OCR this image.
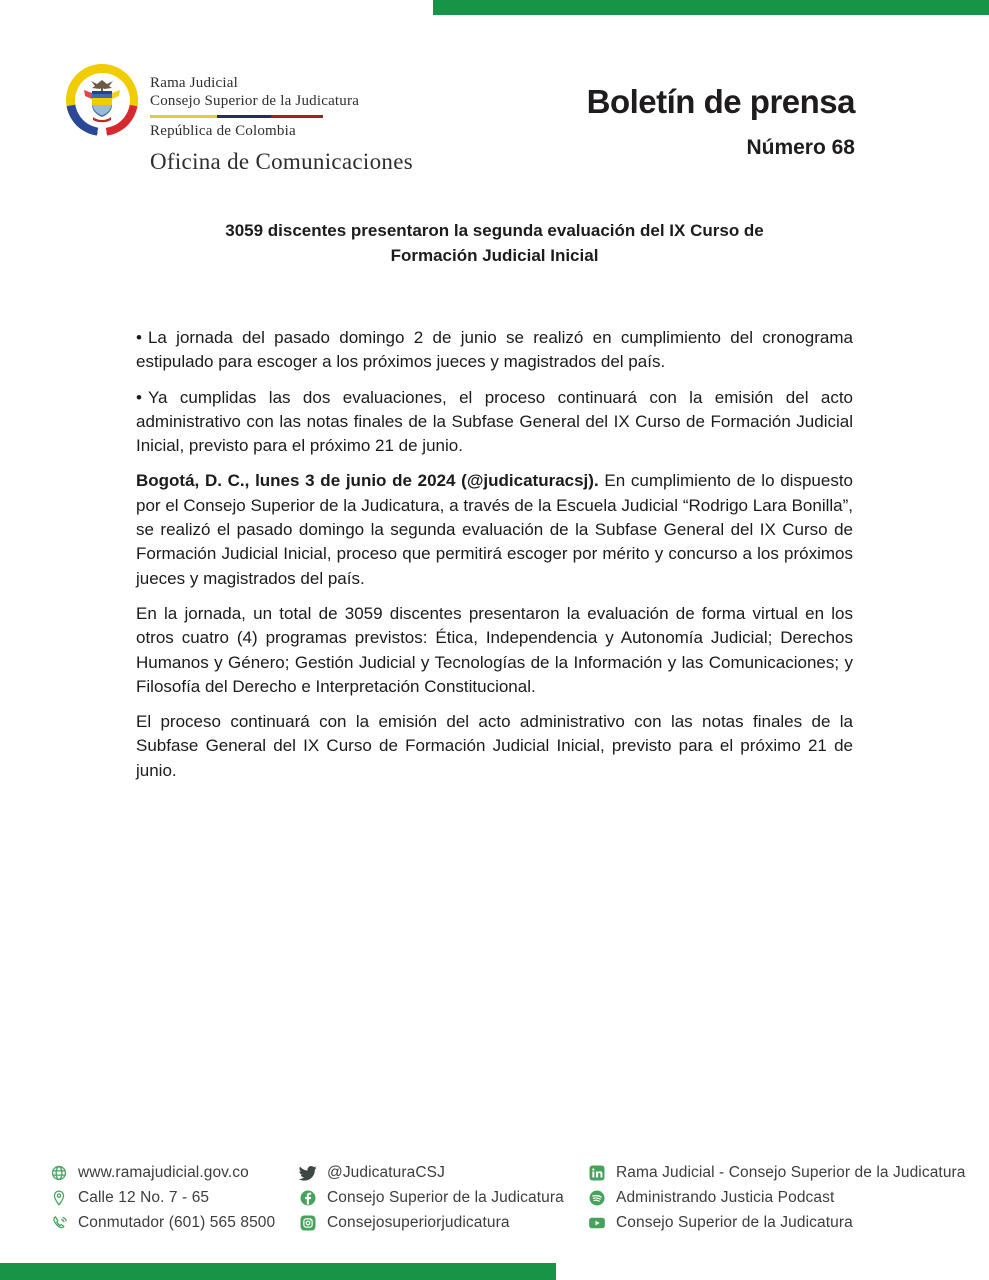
Rama Judicial
Consejo Superior de la Judicatura
República de Colombia
Oficina de Comunicaciones
Boletín de prensa
Número 68
3059 discentes presentaron la segunda evaluación del IX Curso de Formación Judicial Inicial

• La jornada del pasado domingo 2 de junio se realizó en cumplimiento del cronograma estipulado para escoger a los próximos jueces y magistrados del país.

• Ya cumplidas las dos evaluaciones, el proceso continuará con la emisión del acto administrativo con las notas finales de la Subfase General del IX Curso de Formación Judicial Inicial, previsto para el próximo 21 de junio.

Bogotá, D. C., lunes 3 de junio de 2024 (@judicaturacsj). En cumplimiento de lo dispuesto por el Consejo Superior de la Judicatura, a través de la Escuela Judicial “Rodrigo Lara Bonilla”, se realizó el pasado domingo la segunda evaluación de la Subfase General del IX Curso de Formación Judicial Inicial, proceso que permitirá escoger por mérito y concurso a los próximos jueces y magistrados del país.

En la jornada, un total de 3059 discentes presentaron la evaluación de forma virtual en los otros cuatro (4) programas previstos: Ética, Independencia y Autonomía Judicial; Derechos Humanos y Género; Gestión Judicial y Tecnologías de la Información y las Comunicaciones; y Filosofía del Derecho e Interpretación Constitucional.

El proceso continuará con la emisión del acto administrativo con las notas finales de la Subfase General del IX Curso de Formación Judicial Inicial, previsto para el próximo 21 de junio.

www.ramajudicial.gov.co
Calle 12 No. 7 - 65
Conmutador (601) 565 8500
@JudicaturaCSJ
Consejo Superior de la Judicatura
Consejosuperiorjudicatura
Rama Judicial - Consejo Superior de la Judicatura
Administrando Justicia Podcast
Consejo Superior de la Judicatura
